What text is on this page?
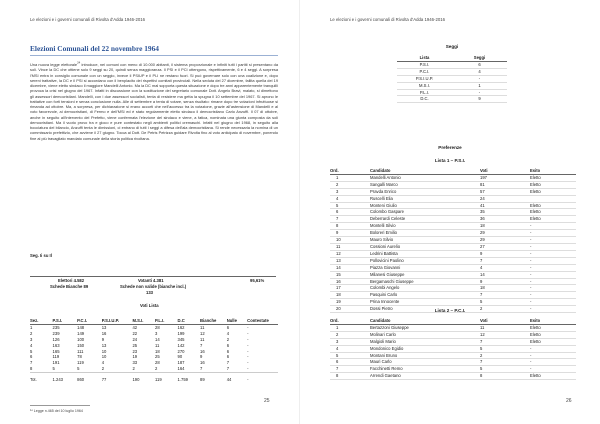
Le elezioni e i governi comunali di Rivolta d'Adda 1946-2016
Elezioni Comunali del 22 novembre 1964

Una nuova legge elettorale$^{24}$ introduce, nei comuni con meno di 10.000 abitanti, il sistema proporzionale e infiniti tutti i partiti si presentano da soli. Vince la DC che ottiene solo 9 seggi su 20, quindi senza maggioranza. Il PSI e il PCI ottengono, rispettivamente, 6 e 4 seggi. A sorpresa l'MSI entra in consiglio comunale con un seggio, invece il PSIUP e il PLI ne restano fuori. Si può governare solo con una coalizione e, dopo sereni trattative, la DC e il PSI si accordano con il benplacito dei rispettivi comitati provinciali. Nella seduta del 27 dicembre, fallita quella del 19 dicembre, viene eletto sindaco il maggiore Mandelli Antonio. Ma la DC mal sopporta questa situazione e dopo tre anni apparentemente tranquilli provoca la crisi nel giugno del 1967. Infatti in discussione con la sostituzione del segretario comunale Dott. Angelo Bravi, malato, si dimettono gli assessori democristiani. Mandelli, con i due assessori socialisti, tenta di resistere ma getta la spugna il 10 settembre del 1967. Si aprono le trattative con forti tensioni e senza conclusione nulla. Alle di settembre a tenta di votare, senza risultato: rimane dopo tre votazioni infruttuose si rimanda ad ottobre. Ma, a sorpresa, per dichiarazione si erano accorti che nell'accesso tra la votazione, grazie all'astensione di Mandelli e al voto favorevole, ai democristiani, di Fermo e dell'MSI ed è stato regolarmente eletto sindaco il democristiano Carlo Anzuffi. Il 07 di ottobre, anche in seguito all'intervento del Prefetto, viene confermata l'elezione del sindaco e viene, a fatica, nominata una giunta composta da soli democristiani. Ma il vuoto provo tra e gioco e pure contestato negli ambienti politici cremaschi. Infatti nel giugno del 1968, in seguito alla bocciatura del bilancio, Anzuffi tenta le dimissioni, ci entrano di tutti i seggi a difesa dell'ala democristiana. Si rende necessaria la nomina di un commissario prefettizio, che avviene il 27 giugno. Tocca al Dott. De Petris Petrizza guidare Rivolta fino al voto anticipato di novembre, ponendo fine al più travagliato mandato comunale della storia politica rivoltana.

Seg. Ii su Il
Elettori 4.582	Votanti 4.381	95,61%
Schede Bianche 89	Schede non valide (bianche incl.)
133
Voti Lista
Sez.	P.S.I.	P.C.I.	P.S.I.U.P.	M.S.I.	P.L.I.	D.C	Bianche	Nulle	Contestate
1	235	148	13	42	28	162	11	6	-
2	239	149	16	22	3	199	12	4	-
3	126	100	9	24	14	345	11	2	-
4	163	150	13	25	11	142	7	6	-
5	165	111	10	23	18	270	16	6	-
6	119	78	10	19	25	90	9	6	-
7	191	119	4	33	28	187	16	7	-
8	5	5	2	2	2	164	7	7	-
Tot.	1.243	860	77	190	119	1.759	89	44	-
²⁴ Legge n.465 del 10 luglio 1964
25
Le elezioni e i governi comunali di Rivolta d'Adda 1946-2016
Seggi
Lista	Seggi
P.S.I.	6
P.C.I.	4
P.S.I.U.P.	-
M.S.I.	1
P.L.I.	-
D.C.	9
Preferenze
Lista 1 – P.S.I.
Ord.	Candidato	Voti	Esito
1	Mandelli Antonio	197	Eletto
2	Sangalli Marco	81	Eletto
3	Pravda Enrico	57	Eletto
4	Ruscelli Elia	24	
5	Monteni Giulio	41	Eletto
6	Colombo Gaspare	35	Eletto
7	Deberrardi Celeste	36	Eletto
8	Montelli Silvio	18	-
9	Boloreri Emilio	29	-
10	Mauro Silvio	29	-
11	Cossioni Aurelio	27	-
12	Ledrini Battista	9	-
13	Pollovicini Paolino	7	-
14	Piazza Giovanni	4	-
15	Milanesi Giuseppe	14	-
16	Bergamaschi Giuseppe	9	-
17	Colombi Angelo	18	-
18	Pasquini Carlo	7	-
19	Prina Innocente	5	-
20	Dossi Pietro	2	-
Lista 2 – P.C.I.
Ord.	Candidato	Voti	Esito
1	Bertazzoni Giuseppe	11	Eletto
2	Molinari Carlo	12	Eletto
3	Malgioli Mario	7	Eletto
4	Mondonico Egidio	5	-
5	Montani Bruno	2	-
6	Mauri Carlo	7	-
7	Facchinetti Remo	5	-
8	Arrendi Gaetano	8	Eletto
26
